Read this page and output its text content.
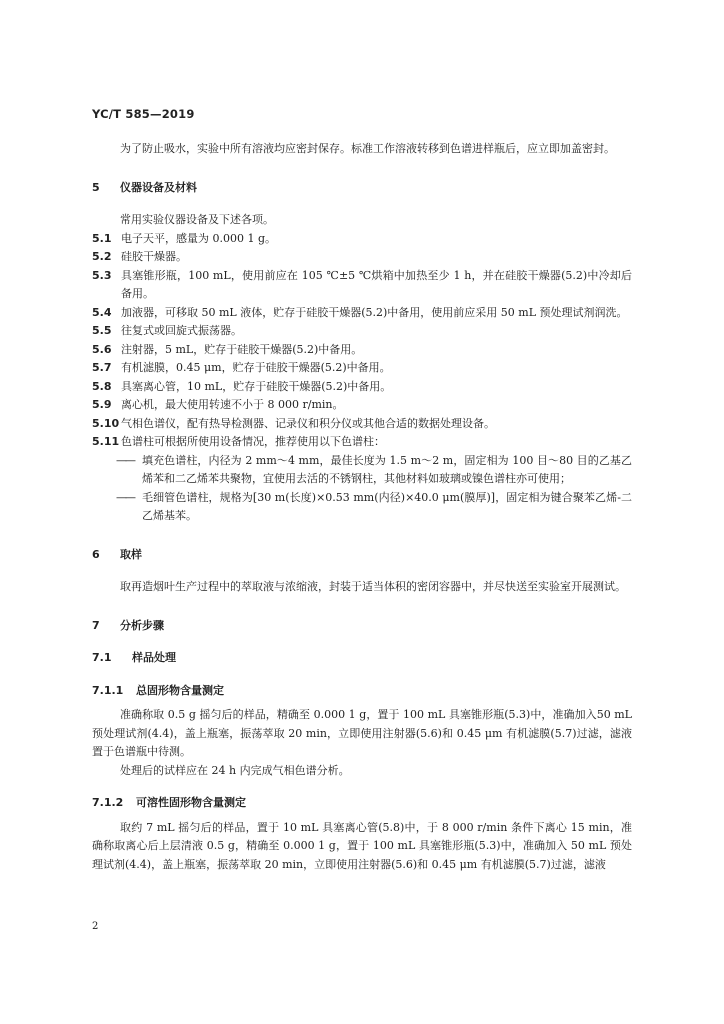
YC/T 585—2019

为了防止吸水，实验中所有溶液均应密封保存。标准工作溶液转移到色谱进样瓶后，应立即加盖密封。

5	仪器设备及材料

常用实验仪器设备及下述各项。

5.1 电子天平，感量为 0.000 1 g。
5.2 硅胶干燥器。
5.3 具塞锥形瓶，100 mL，使用前应在 105 ℃±5 ℃烘箱中加热至少 1 h，并在硅胶干燥器(5.2)中冷却后备用。
5.4 加液器，可移取 50 mL 液体，贮存于硅胶干燥器(5.2)中备用，使用前应采用 50 mL 预处理试剂润洗。
5.5 往复式或回旋式振荡器。
5.6 注射器，5 mL，贮存于硅胶干燥器(5.2)中备用。
5.7 有机滤膜，0.45 μm，贮存于硅胶干燥器(5.2)中备用。
5.8 具塞离心管，10 mL，贮存于硅胶干燥器(5.2)中备用。
5.9 离心机，最大使用转速不小于 8 000 r/min。
5.10 气相色谱仪，配有热导检测器、记录仪和积分仪或其他合适的数据处理设备。
5.11 色谱柱可根据所使用设备情况，推荐使用以下色谱柱：
—— 填充色谱柱，内径为 2 mm～4 mm，最佳长度为 1.5 m～2 m，固定相为 100 目～80 目的乙基乙烯苯和二乙烯苯共聚物，宜使用去活的不锈钢柱，其他材料如玻璃或镍色谱柱亦可使用；
—— 毛细管色谱柱，规格为[30 m(长度)×0.53 mm(内径)×40.0 μm(膜厚)]，固定相为键合聚苯乙烯-二乙烯基苯。
6	取样

取再造烟叶生产过程中的萃取液与浓缩液，封装于适当体积的密闭容器中，并尽快送至实验室开展测试。

7	分析步骤
7.1	样品处理
7.1.1	总固形物含量测定

准确称取 0.5 g 摇匀后的样品，精确至 0.000 1 g，置于 100 mL 具塞锥形瓶(5.3)中，准确加入50 mL 预处理试剂(4.4)，盖上瓶塞，振荡萃取 20 min，立即使用注射器(5.6)和 0.45 μm 有机滤膜(5.7)过滤，滤液置于色谱瓶中待测。

处理后的试样应在 24 h 内完成气相色谱分析。

7.1.2	可溶性固形物含量测定

取约 7 mL 摇匀后的样品，置于 10 mL 具塞离心管(5.8)中，于 8 000 r/min 条件下离心 15 min，准确称取离心后上层清液 0.5 g，精确至 0.000 1 g，置于 100 mL 具塞锥形瓶(5.3)中，准确加入 50 mL 预处理试剂(4.4)，盖上瓶塞，振荡萃取 20 min，立即使用注射器(5.6)和 0.45 μm 有机滤膜(5.7)过滤，滤液

2
